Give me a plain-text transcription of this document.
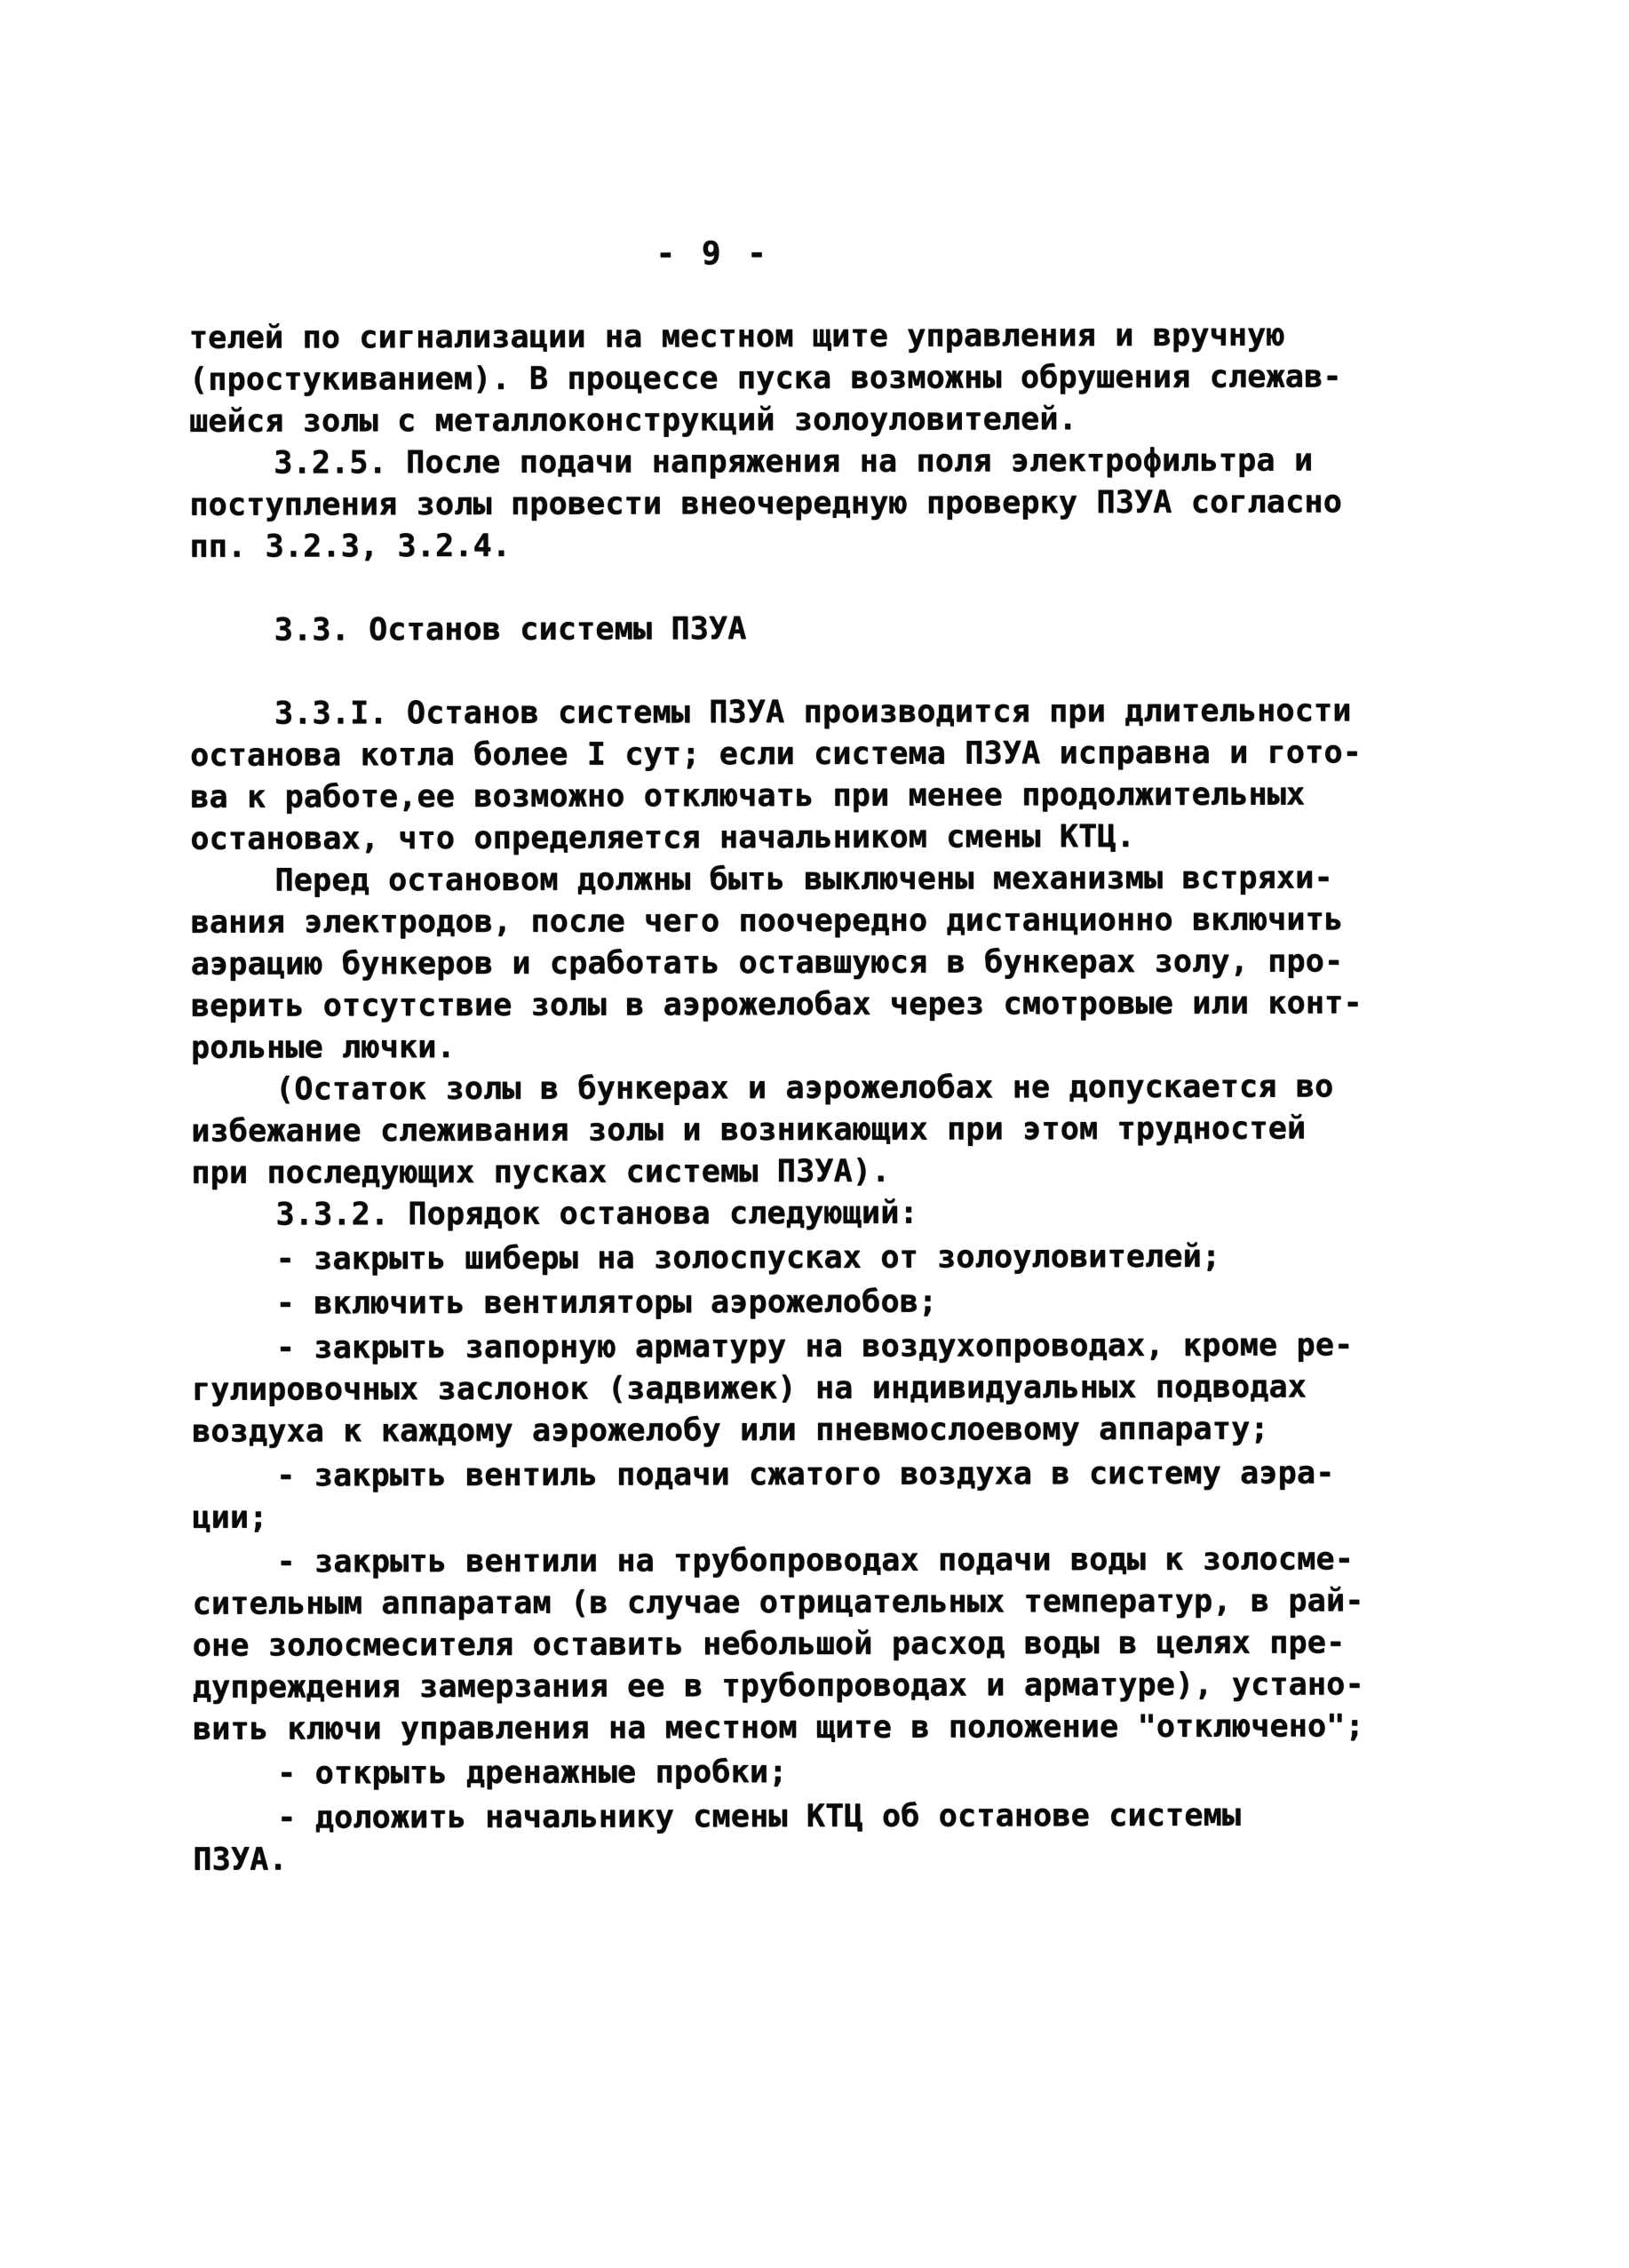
- 9 -

телей по сигнализации на местном щите управления и вручную
(простукиванием). В процессе пуска возможны обрушения слежав-
шейся золы с металлоконструкций золоуловителей.

3.2.5. После подачи напряжения на поля электрофильтра и
поступления золы провести внеочередную проверку ПЗУА согласно
пп. 3.2.3, 3.2.4.

3.3. Останов системы ПЗУА

3.3.I. Останов системы ПЗУА производится при длительности
останова котла более I сут; если система ПЗУА исправна и гото-
ва к работе,ее возможно отключать при менее продолжительных
остановах, что определяется начальником смены КТЦ.

Перед остановом должны быть выключены механизмы встряхи-
вания электродов, после чего поочередно дистанционно включить
аэрацию бункеров и сработать оставшуюся в бункерах золу, про-
верить отсутствие золы в аэрожелобах через смотровые или конт-
рольные лючки.

(Остаток золы в бункерах и аэрожелобах не допускается во
избежание слеживания золы и возникающих при этом трудностей
при последующих пусках системы ПЗУА).

3.3.2. Порядок останова следующий:

- закрыть шиберы на золоспусках от золоуловителей;

- включить вентиляторы аэрожелобов;

- закрыть запорную арматуру на воздухопроводах, кроме ре-
гулировочных заслонок (задвижек) на индивидуальных подводах
воздуха к каждому аэрожелобу или пневмослоевому аппарату;

- закрыть вентиль подачи сжатого воздуха в систему аэра-
ции;

- закрыть вентили на трубопроводах подачи воды к золосме-
сительным аппаратам (в случае отрицательных температур, в рай-
оне золосмесителя оставить небольшой расход воды в целях пре-
дупреждения замерзания ее в трубопроводах и арматуре), устано-
вить ключи управления на местном щите в положение "отключено";

- открыть дренажные пробки;

- доложить начальнику смены КТЦ об останове системы
ПЗУА.
